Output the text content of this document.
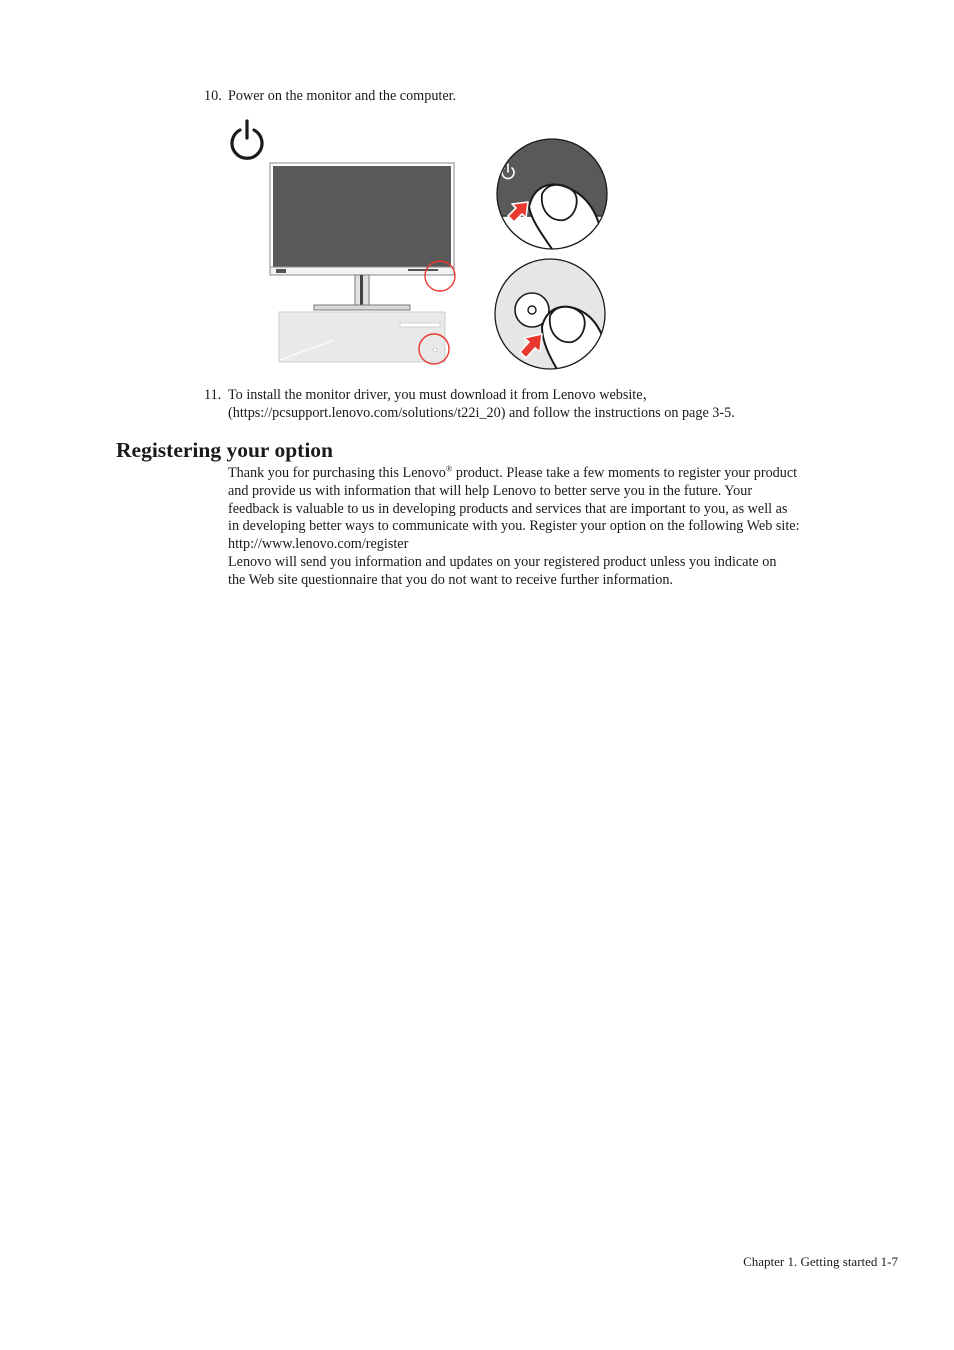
10. Power on the monitor and the computer.
11. To install the monitor driver, you must download it from Lenovo website，
(https://pcsupport.lenovo.com/solutions/t22i_20) and follow the instructions on page 3-5.
Registering your option
Thank you for purchasing this Lenovo® product. Please take a few moments to register your product
and provide us with information that will help Lenovo to better serve you in the future. Your
feedback is valuable to us in developing products and services that are important to you, as well as
in developing better ways to communicate with you. Register your option on the following Web site:
http://www.lenovo.com/register
Lenovo will send you information and updates on your registered product unless you indicate on
the Web site questionnaire that you do not want to receive further information.
Chapter 1. Getting started 1-7
